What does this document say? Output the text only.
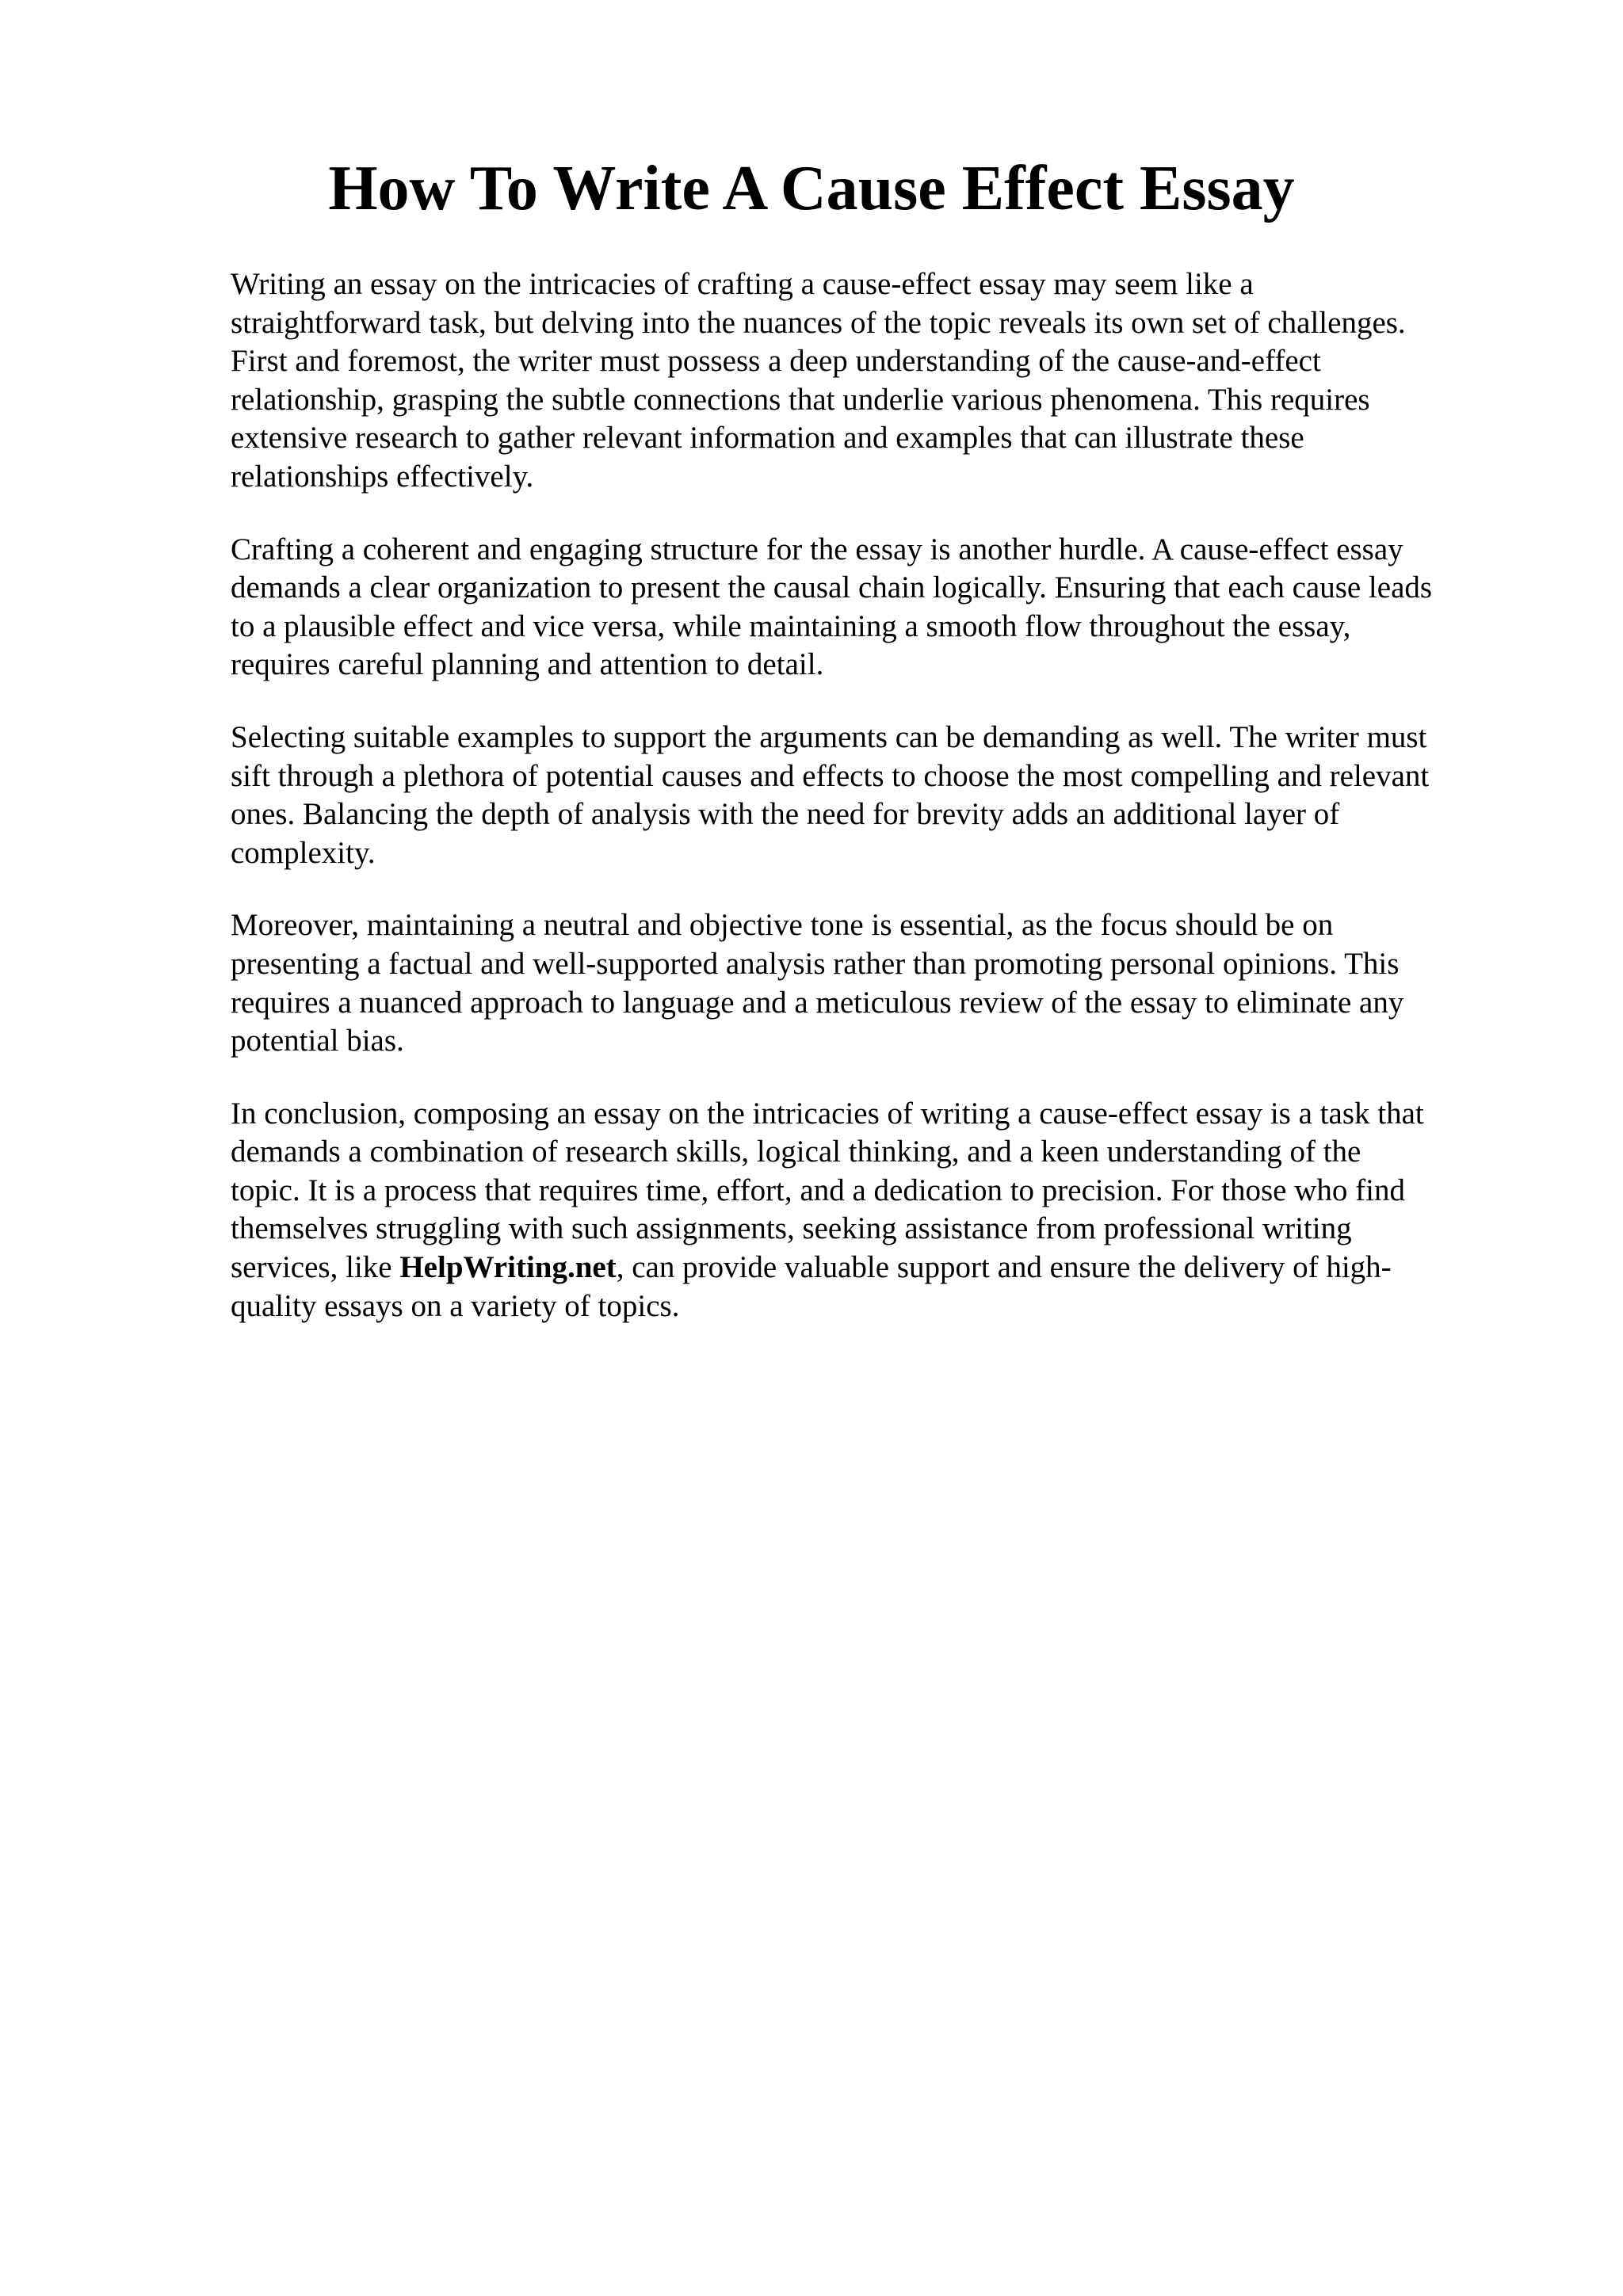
How To Write A Cause Effect Essay

Writing an essay on the intricacies of crafting a cause-effect essay may seem like a
straightforward task, but delving into the nuances of the topic reveals its own set of challenges.
First and foremost, the writer must possess a deep understanding of the cause-and-effect
relationship, grasping the subtle connections that underlie various phenomena. This requires
extensive research to gather relevant information and examples that can illustrate these
relationships effectively.

Crafting a coherent and engaging structure for the essay is another hurdle. A cause-effect essay
demands a clear organization to present the causal chain logically. Ensuring that each cause leads
to a plausible effect and vice versa, while maintaining a smooth flow throughout the essay,
requires careful planning and attention to detail.

Selecting suitable examples to support the arguments can be demanding as well. The writer must
sift through a plethora of potential causes and effects to choose the most compelling and relevant
ones. Balancing the depth of analysis with the need for brevity adds an additional layer of
complexity.

Moreover, maintaining a neutral and objective tone is essential, as the focus should be on
presenting a factual and well-supported analysis rather than promoting personal opinions. This
requires a nuanced approach to language and a meticulous review of the essay to eliminate any
potential bias.

In conclusion, composing an essay on the intricacies of writing a cause-effect essay is a task that
demands a combination of research skills, logical thinking, and a keen understanding of the
topic. It is a process that requires time, effort, and a dedication to precision. For those who find
themselves struggling with such assignments, seeking assistance from professional writing
services, like HelpWriting.net, can provide valuable support and ensure the delivery of high-
quality essays on a variety of topics.
